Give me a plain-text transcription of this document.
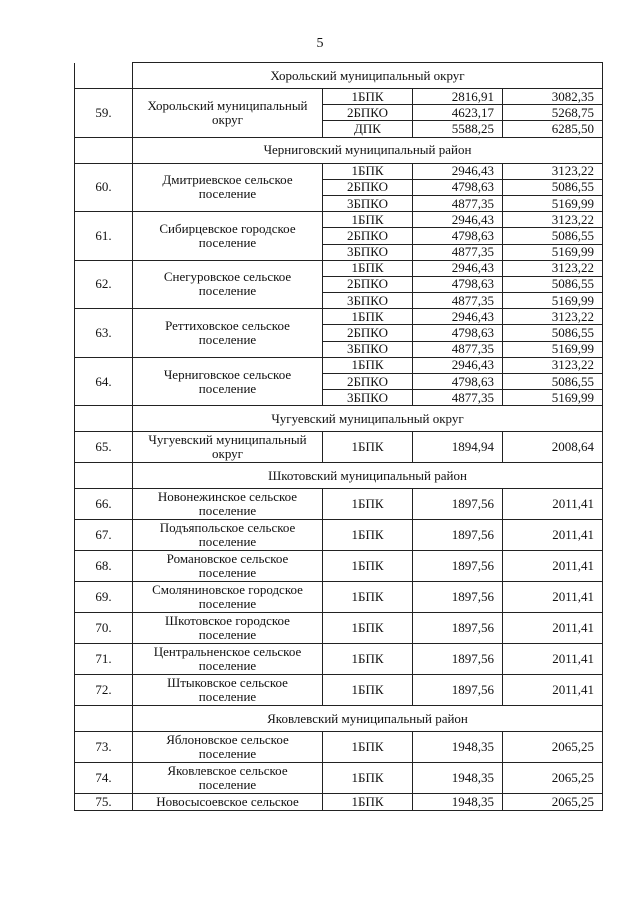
5
	Хорольский муниципальный округ			
59.	Хорольский муниципальный округ	1БПК	2816,91	3082,35
		2БПКО	4623,17	5268,75
		ДПК	5588,25	6285,50
	Черниговский муниципальный район			
60.	Дмитриевское сельское поселение	1БПК	2946,43	3123,22
		2БПКО	4798,63	5086,55
		3БПКО	4877,35	5169,99
61.	Сибирцевское городское поселение	1БПК	2946,43	3123,22
		2БПКО	4798,63	5086,55
		3БПКО	4877,35	5169,99
62.	Снегуровское сельское поселение	1БПК	2946,43	3123,22
		2БПКО	4798,63	5086,55
		3БПКО	4877,35	5169,99
63.	Реттиховское сельское поселение	1БПК	2946,43	3123,22
		2БПКО	4798,63	5086,55
		3БПКО	4877,35	5169,99
64.	Черниговское сельское поселение	1БПК	2946,43	3123,22
		2БПКО	4798,63	5086,55
		3БПКО	4877,35	5169,99
	Чугуевский муниципальный округ			
65.	Чугуевский муниципальный округ	1БПК	1894,94	2008,64
	Шкотовский муниципальный район			
66.	Новонежинское сельское поселение	1БПК	1897,56	2011,41
67.	Подъяпольское сельское поселение	1БПК	1897,56	2011,41
68.	Романовское сельское поселение	1БПК	1897,56	2011,41
69.	Смоляниновское городское поселение	1БПК	1897,56	2011,41
70.	Шкотовское городское поселение	1БПК	1897,56	2011,41
71.	Центральненское сельское поселение	1БПК	1897,56	2011,41
72.	Штыковское сельское поселение	1БПК	1897,56	2011,41
	Яковлевский муниципальный район			
73.	Яблоновское сельское поселение	1БПК	1948,35	2065,25
74.	Яковлевское сельское поселение	1БПК	1948,35	2065,25
75.	Новосысоевское сельское	1БПК	1948,35	2065,25
